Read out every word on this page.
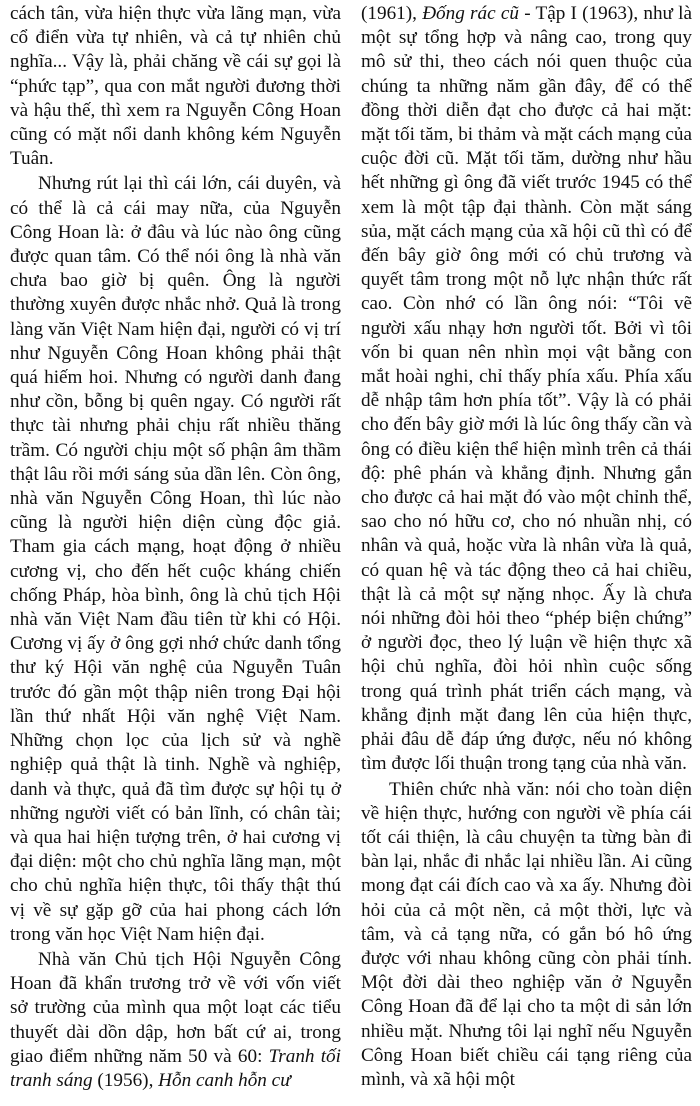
cách tân, vừa hiện thực vừa lãng mạn, vừa cổ điển vừa tự nhiên, và cả tự nhiên chủ nghĩa... Vậy là, phải chăng về cái sự gọi là “phức tạp”, qua con mắt người đương thời và hậu thế, thì xem ra Nguyễn Công Hoan cũng có mặt nổi danh không kém Nguyễn Tuân.

Nhưng rút lại thì cái lớn, cái duyên, và có thể là cả cái may nữa, của Nguyễn Công Hoan là: ở đâu và lúc nào ông cũng được quan tâm. Có thể nói ông là nhà văn chưa bao giờ bị quên. Ông là người thường xuyên được nhắc nhở. Quả là trong làng văn Việt Nam hiện đại, người có vị trí như Nguyễn Công Hoan không phải thật quá hiếm hoi. Nhưng có người danh đang như cồn, bỗng bị quên ngay. Có người rất thực tài nhưng phải chịu rất nhiều thăng trầm. Có người chịu một số phận âm thầm thật lâu rồi mới sáng sủa dần lên. Còn ông, nhà văn Nguyễn Công Hoan, thì lúc nào cũng là người hiện diện cùng độc giả. Tham gia cách mạng, hoạt động ở nhiều cương vị, cho đến hết cuộc kháng chiến chống Pháp, hòa bình, ông là chủ tịch Hội nhà văn Việt Nam đầu tiên từ khi có Hội. Cương vị ấy ở ông gợi nhớ chức danh tổng thư ký Hội văn nghệ của Nguyễn Tuân trước đó gần một thập niên trong Đại hội lần thứ nhất Hội văn nghệ Việt Nam. Những chọn lọc của lịch sử và nghề nghiệp quả thật là tinh. Nghề và nghiệp, danh và thực, quả đã tìm được sự hội tụ ở những người viết có bản lĩnh, có chân tài; và qua hai hiện tượng trên, ở hai cương vị đại diện: một cho chủ nghĩa lãng mạn, một cho chủ nghĩa hiện thực, tôi thấy thật thú vị về sự gặp gỡ của hai phong cách lớn trong văn học Việt Nam hiện đại.

Nhà văn Chủ tịch Hội Nguyễn Công Hoan đã khẩn trương trở về với vốn viết sở trường của mình qua một loạt các tiểu thuyết dài dồn dập, hơn bất cứ ai, trong giao điểm những năm 50 và 60: Tranh tối tranh sáng (1956), Hỗn canh hỗn cư

(1961), Đống rác cũ - Tập I (1963), như là một sự tổng hợp và nâng cao, trong quy mô sử thi, theo cách nói quen thuộc của chúng ta những năm gần đây, để có thể đồng thời diễn đạt cho được cả hai mặt: mặt tối tăm, bi thảm và mặt cách mạng của cuộc đời cũ. Mặt tối tăm, dường như hầu hết những gì ông đã viết trước 1945 có thể xem là một tập đại thành. Còn mặt sáng sủa, mặt cách mạng của xã hội cũ thì có để đến bây giờ ông mới có chủ trương và quyết tâm trong một nỗ lực nhận thức rất cao. Còn nhớ có lần ông nói: “Tôi vẽ người xấu nhạy hơn người tốt. Bởi vì tôi vốn bi quan nên nhìn mọi vật bằng con mắt hoài nghi, chỉ thấy phía xấu. Phía xấu dễ nhập tâm hơn phía tốt”. Vậy là có phải cho đến bây giờ mới là lúc ông thấy cần và ông có điều kiện thể hiện mình trên cả thái độ: phê phán và khẳng định. Nhưng gắn cho được cả hai mặt đó vào một chỉnh thể, sao cho nó hữu cơ, cho nó nhuần nhị, có nhân và quả, hoặc vừa là nhân vừa là quả, có quan hệ và tác động theo cả hai chiều, thật là cả một sự nặng nhọc. Ấy là chưa nói những đòi hỏi theo “phép biện chứng” ở người đọc, theo lý luận về hiện thực xã hội chủ nghĩa, đòi hỏi nhìn cuộc sống trong quá trình phát triển cách mạng, và khẳng định mặt đang lên của hiện thực, phải đâu dễ đáp ứng được, nếu nó không tìm được lối thuận trong tạng của nhà văn.

Thiên chức nhà văn: nói cho toàn diện về hiện thực, hướng con người về phía cái tốt cái thiện, là câu chuyện ta từng bàn đi bàn lại, nhắc đi nhắc lại nhiều lần. Ai cũng mong đạt cái đích cao và xa ấy. Nhưng đòi hỏi của cả một nền, cả một thời, lực và tâm, và cả tạng nữa, có gắn bó hô ứng được với nhau không cũng còn phải tính. Một đời dài theo nghiệp văn ở Nguyễn Công Hoan đã để lại cho ta một di sản lớn nhiều mặt. Nhưng tôi lại nghĩ nếu Nguyễn Công Hoan biết chiều cái tạng riêng của mình, và xã hội một
